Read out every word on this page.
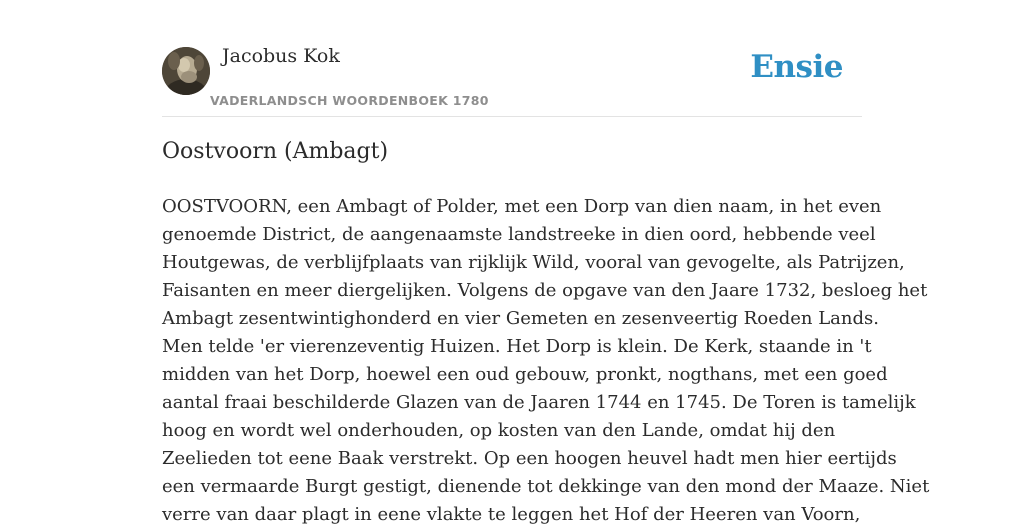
Jacobus Kok
VADERLANDSCH WOORDENBOEK 1780
Ensie
Oostvoorn (Ambagt)

OOSTVOORN, een Ambagt of Polder, met een Dorp van dien naam, in het even
genoemde District, de aangenaamste landstreeke in dien oord, hebbende veel
Houtgewas, de verblijfplaats van rijklijk Wild, vooral van gevogelte, als Patrijzen,
Faisanten en meer diergelijken. Volgens de opgave van den Jaare 1732, besloeg het
Ambagt zesentwintighonderd en vier Gemeten en zesenveertig Roeden Lands.
Men telde 'er vierenzeventig Huizen. Het Dorp is klein. De Kerk, staande in 't
midden van het Dorp, hoewel een oud gebouw, pronkt, nogthans, met een goed
aantal fraai beschilderde Glazen van de Jaaren 1744 en 1745. De Toren is tamelijk
hoog en wordt wel onderhouden, op kosten van den Lande, omdat hij den
Zeelieden tot eene Baak verstrekt. Op een hoogen heuvel hadt men hier eertijds
een vermaarde Burgt gestigt, dienende tot dekkinge van den mond der Maaze. Niet
verre van daar plagt in eene vlakte te leggen het Hof der Heeren van Voorn,
